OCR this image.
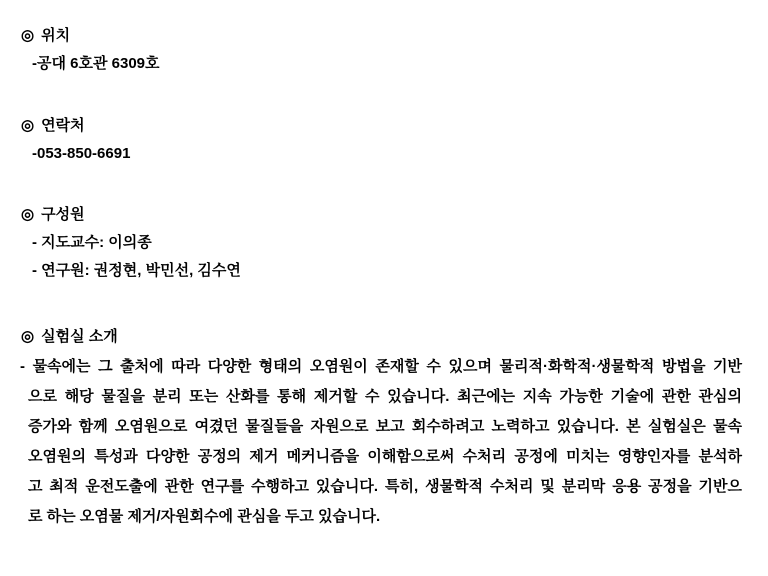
◎ 위치
-공대 6호관 6309호
◎ 연락처
-053-850-6691
◎ 구성원
- 지도교수: 이의종
- 연구원: 권정현, 박민선, 김수연
◎ 실험실 소개
- 물속에는 그 출처에 따라 다양한 형태의 오염원이 존재할 수 있으며 물리적·화학적·생물학적 방법을 기반
으로 해당 물질을 분리 또는 산화를 통해 제거할 수 있습니다. 최근에는 지속 가능한 기술에 관한 관심의
증가와 함께 오염원으로 여겼던 물질들을 자원으로 보고 회수하려고 노력하고 있습니다. 본 실험실은 물속
오염원의 특성과 다양한 공정의 제거 메커니즘을 이해함으로써 수처리 공정에 미치는 영향인자를 분석하
고 최적 운전도출에 관한 연구를 수행하고 있습니다. 특히, 생물학적 수처리 및 분리막 응용 공정을 기반으
로 하는 오염물 제거/자원회수에 관심을 두고 있습니다.
